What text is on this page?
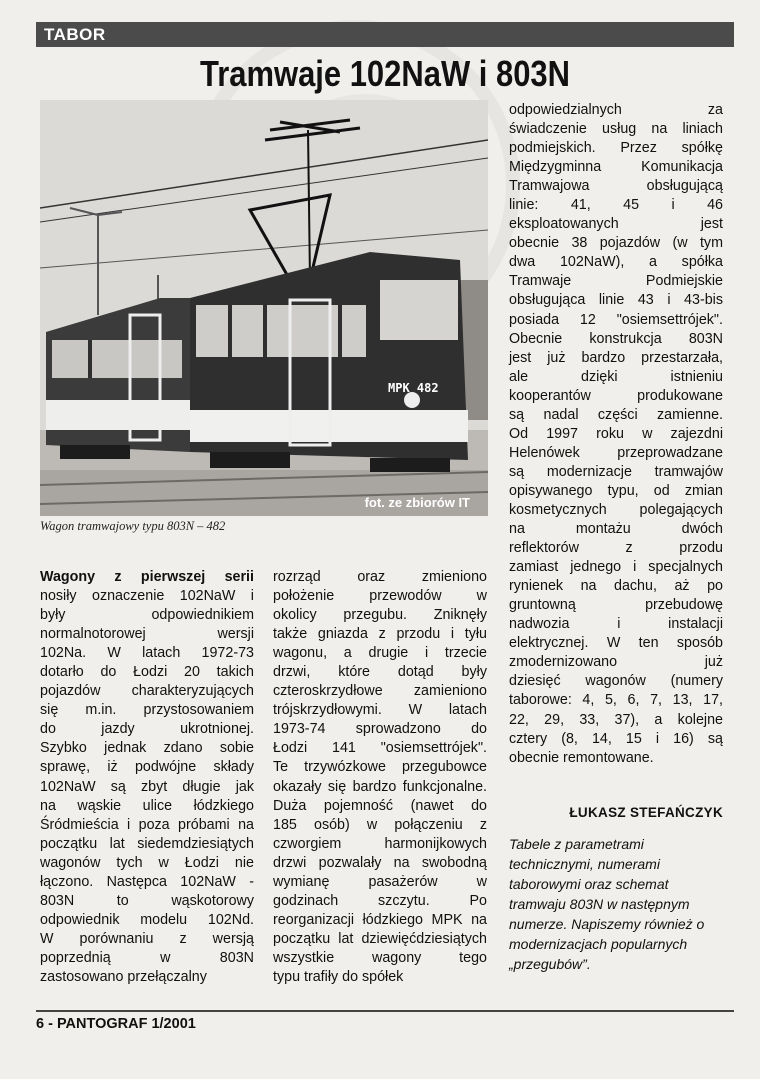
TABOR
Tramwaje 102NaW i 803N
MPK 482
fot. ze zbiorów IT
Wagon tramwajowy typu 803N – 482
Wagony z pierwszej serii
nosiły oznaczenie 102NaW i
były odpowiednikiem
normalnotorowej wersji
102Na. W latach 1972-73
dotarło do Łodzi 20 takich
pojazdów charakteryzujących
się m.in. przystosowaniem
do jazdy ukrotnionej.
Szybko jednak zdano sobie
sprawę, iż podwójne składy
102NaW są zbyt długie jak
na wąskie ulice łódzkiego
Śródmieścia i poza próbami na
początku lat siedemdziesiątych
wagonów tych w Łodzi nie
łączono. Następca 102NaW -
803N to wąskotorowy
odpowiednik modelu 102Nd.
W porównaniu z wersją
poprzednią w 803N
zastosowano przełączalny
rozrząd oraz zmieniono
położenie przewodów w
okolicy przegubu. Zniknęły
także gniazda z przodu i tyłu
wagonu, a drugie i trzecie
drzwi, które dotąd były
czteroskrzydłowe zamieniono
trójskrzydłowymi. W latach
1973-74 sprowadzono do
Łodzi 141 "osiemsettrójek".
Te trzywózkowe przegubowce
okazały się bardzo funkcjonalne.
Duża pojemność (nawet do
185 osób) w połączeniu z
czworgiem harmonijkowych
drzwi pozwalały na swobodną
wymianę pasażerów w
godzinach szczytu. Po
reorganizacji łódzkiego MPK na
początku lat dziewięćdziesiątych
wszystkie wagony tego
typu trafiły do spółek
odpowiedzialnych za
świadczenie usług na liniach
podmiejskich. Przez spółkę
Międzygminna Komunikacja
Tramwajowa obsługującą
linie: 41, 45 i 46
eksploatowanych jest
obecnie 38 pojazdów (w tym
dwa 102NaW), a spółka
Tramwaje Podmiejskie
obsługująca linie 43 i 43-bis
posiada 12 "osiemsettrójek".
Obecnie konstrukcja 803N
jest już bardzo przestarzała,
ale dzięki istnieniu
kooperantów produkowane
są nadal części zamienne.
Od 1997 roku w zajezdni
Helenówek przeprowadzane
są modernizacje tramwajów
opisywanego typu, od zmian
kosmetycznych polegających
na montażu dwóch
reflektorów z przodu
zamiast jednego i specjalnych
rynienek na dachu, aż po
gruntowną przebudowę
nadwozia i instalacji
elektrycznej. W ten sposób
zmodernizowano już
dziesięć wagonów (numery
taborowe: 4, 5, 6, 7, 13, 17,
22, 29, 33, 37), a kolejne
cztery (8, 14, 15 i 16) są
obecnie remontowane.
ŁUKASZ STEFAŃCZYK
Tabele z parametrami technicznymi, numerami taborowymi oraz schemat tramwaju 803N w następnym numerze. Napiszemy również o modernizacjach popularnych „przegubów”.
6 - PANTOGRAF 1/2001
